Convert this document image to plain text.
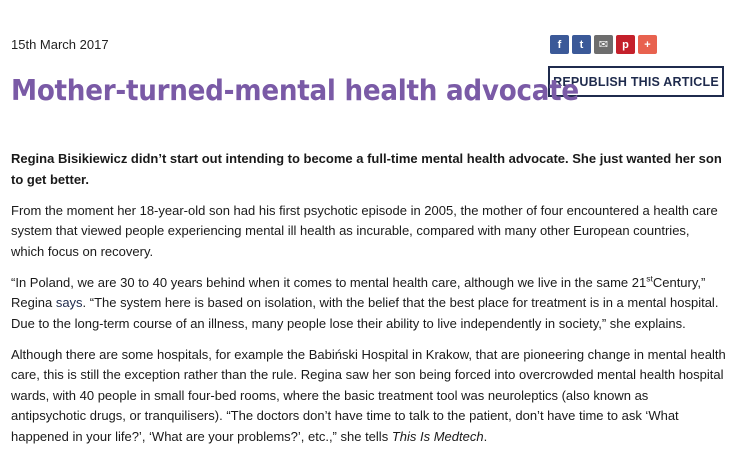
15th March 2017	f	t	✉	p	+
REPUBLISH THIS ARTICLE
Mother-turned-mental health advocate

Regina Bisikiewicz didn’t start out intending to become a full-time mental health advocate. She just wanted her son to get better.

From the moment her 18-year-old son had his first psychotic episode in 2005, the mother of four encountered a health care system that viewed people experiencing mental ill health as incurable, compared with many other European countries, which focus on recovery.

“In Poland, we are 30 to 40 years behind when it comes to mental health care, although we live in the same 21stCentury,” Regina says. “The system here is based on isolation, with the belief that the best place for treatment is in a mental hospital. Due to the long-term course of an illness, many people lose their ability to live independently in society,” she explains.

Although there are some hospitals, for example the Babiński Hospital in Krakow, that are pioneering change in mental health care, this is still the exception rather than the rule. Regina saw her son being forced into overcrowded mental health hospital wards, with 40 people in small four-bed rooms, where the basic treatment tool was neuroleptics (also known as antipsychotic drugs, or tranquilisers). “The doctors don’t have time to talk to the patient, don’t have time to ask ‘What happened in your life?’, ‘What are your problems?’, etc.,” she tells This Is Medtech.
